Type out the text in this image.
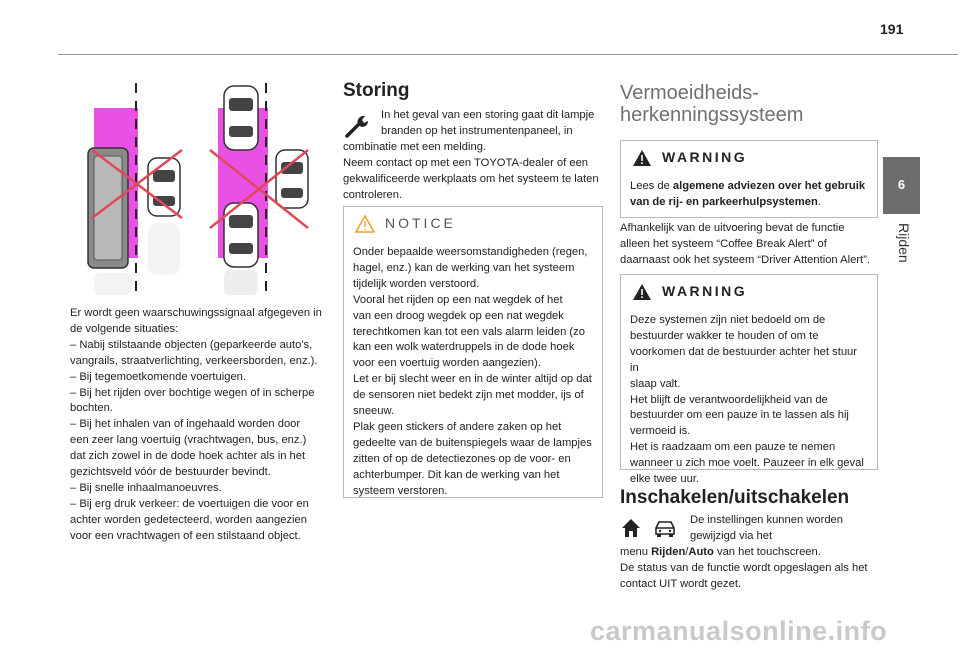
191
6
Rijden

Er wordt geen waarschuwingssignaal afgegeven in

de volgende situaties:

– Nabij stilstaande objecten (geparkeerde auto's,

vangrails, straatverlichting, verkeersborden, enz.).

– Bij tegemoetkomende voertuigen.

– Bij het rijden over bochtige wegen of in scherpe

bochten.

– Bij het inhalen van of ingehaald worden door

een zeer lang voertuig (vrachtwagen, bus, enz.)

dat zich zowel in de dode hoek achter als in het

gezichtsveld vóór de bestuurder bevindt.

– Bij snelle inhaalmanoeuvres.

– Bij erg druk verkeer: de voertuigen die voor en

achter worden gedetecteerd, worden aangezien

voor een vrachtwagen of een stilstaand object.

Storing

In het geval van een storing gaat dit lampje

branden op het instrumentenpaneel, in

combinatie met een melding.

Neem contact op met een TOYOTA-dealer of een

gekwalificeerde werkplaats om het systeem te laten

controleren.

NOTICE

Onder bepaalde weersomstandigheden (regen,

hagel, enz.) kan de werking van het systeem

tijdelijk worden verstoord.

Vooral het rijden op een nat wegdek of het

van een droog wegdek op een nat wegdek

terechtkomen kan tot een vals alarm leiden (zo

kan een wolk waterdruppels in de dode hoek

voor een voertuig worden aangezien).

Let er bij slecht weer en in de winter altijd op dat

de sensoren niet bedekt zijn met modder, ijs of

sneeuw.

Plak geen stickers of andere zaken op het

gedeelte van de buitenspiegels waar de lampjes

zitten of op de detectiezones op de voor- en

achterbumper. Dit kan de werking van het

systeem verstoren.

Vermoeidheids-
herkenningssysteem
WARNING

Lees de algemene adviezen over het gebruik van de rij- en parkeerhulpsystemen.

Afhankelijk van de uitvoering bevat de functie

alleen het systeem “Coffee Break Alert” of

daarnaast ook het systeem “Driver Attention Alert”.

WARNING

Deze systemen zijn niet bedoeld om de

bestuurder wakker te houden of om te

voorkomen dat de bestuurder achter het stuur in

slaap valt.

Het blijft de verantwoordelijkheid van de

bestuurder om een pauze in te lassen als hij

vermoeid is.

Het is raadzaam om een pauze te nemen

wanneer u zich moe voelt. Pauzeer in elk geval

elke twee uur.

Inschakelen/uitschakelen

De instellingen kunnen worden

gewijzigd via het

menu Rijden/Auto van het touchscreen.

De status van de functie wordt opgeslagen als het

contact UIT wordt gezet.

carmanualsonline.info
